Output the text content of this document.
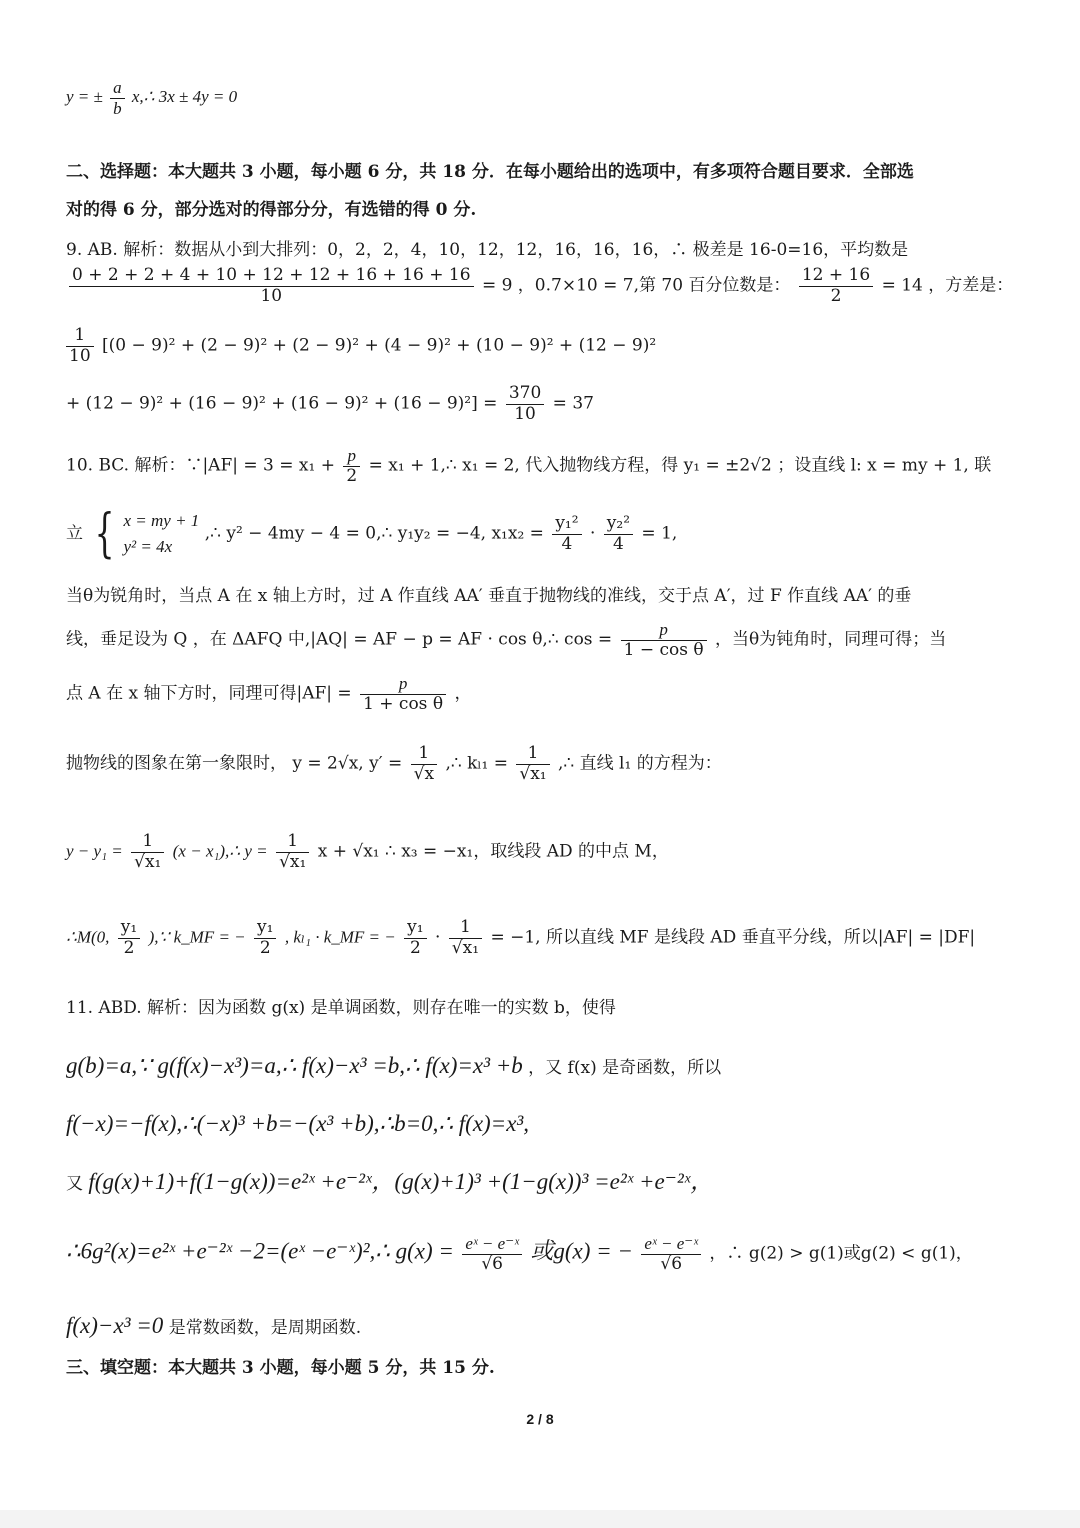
y = ± $\frac{a}{b}$ x,∴ 3x ± 4y = 0
二、选择题：本大题共 3 小题，每小题 6 分，共 18 分．在每小题给出的选项中，有多项符合题目要求．全部选
对的得 6 分，部分选对的得部分分，有选错的得 0 分.
9. AB. 解析：数据从小到大排列：0，2，2，4，10，12，12，16，16，16，∴ 极差是 16-0=16，平均数是
$\frac{0 + 2 + 2 + 4 + 10 + 12 + 12 + 16 + 16 + 16}{10} = 9$ ，0.7×10 = 7,第 70 百分位数是： $\frac{12 + 16}{2} = 14$ ，方差是：
$\frac{1}{10} [(0 - 9)^2 + (2 - 9)^2 + (2 - 9)^2 + (4 - 9)^2 + (10 - 9)^2 + (12 - 9)^2$
+ $(12 - 9)^2 + (16 - 9)^2 + (16 - 9)^2 + (16 - 9)^2] = \frac{370}{10} = 37$
10. BC. 解析：∵|AF| = $3 = x_1 + \frac{p}{2} = x_1$ + 1,∴ x₁ = 2, 代入抛物线方程，得 y₁ = ±2√2 ；设直线 l: x = my + 1, 联
立 { x = my + 1
y² = 4x
,∴ y² − 4my − 4 = 0,∴ y₁y₂ = −4, $x_1x_2 = \frac{\text{y₁²}}{4} \cdot \frac{\text{y₂²}}{4} = 1$,
当θ为锐角时，当点 A 在 x 轴上方时，过 A 作直线 AA′ 垂直于抛物线的准线，交于点 A′，过 F 作直线 AA′ 的垂
线，垂足设为 Q ，在 ΔAFQ 中,|AQ| = AF − p = AF · cos θ,∴ $\cos = \frac{p}{\text{1 − cos θ}}$ ，当θ为钝角时，同理可得；当
点 A 在 x 轴下方时，同理可得$|AF| = \frac{p}{\text{1 + cos θ}}$ ，
抛物线的图象在第一象限时， y = 2√x, $y' = \frac{1}{√x}$ ,∴ $k_{l1} = \frac{1}{\text{√x₁}}$ ,∴ 直线 l₁ 的方程为：
$y - y_1 = \frac{1}{\text{√x₁}} (x$ − x₁),∴ $y = \frac{1}{\text{√x₁}}$ x + √x₁ ∴ x₃ = −x₁，取线段 AD 的中点 M，
∴M(0, $\frac{\text{y₁}}{2}$ ),∵ k_MF = − $\frac{\text{y₁}}{2}$ , kₗ₁ · k_MF = − $\frac{\text{y₁}}{2} \cdot \frac{1}{\text{√x₁}} = -1$, 所以直线 MF 是线段 AD 垂直平分线，所以|AF| = |DF|
11. ABD. 解析：因为函数 g(x) 是单调函数，则存在唯一的实数 b，使得
g(b)=a,∵ g(f(x)−x³)=a,∴ f(x)−x³ =b,∴ f(x)=x³ +b ，又 f(x) 是奇函数，所以
f(−x)=−f(x),∴(−x)³ +b=−(x³ +b),∴b=0,∴ f(x)=x³,
又 f(g(x)+1)+f(1−g(x))=e²ˣ +e⁻²ˣ，(g(x)+1)³ +(1−g(x))³ =e²ˣ +e⁻²ˣ，
∴6g²(x)=e²ˣ +e⁻²ˣ −2=(eˣ −e⁻ˣ)²,∴ $g(x) = \frac{\text{eˣ − e⁻ˣ}}{√6}$ 或g(x) = − $\frac{\text{eˣ − e⁻ˣ}}{√6}$ ，∴ g(2) > g(1)或g(2) < g(1)，
f(x)−x³ =0 是常数函数，是周期函数.
三、填空题：本大题共 3 小题，每小题 5 分，共 15 分.
2 / 8
